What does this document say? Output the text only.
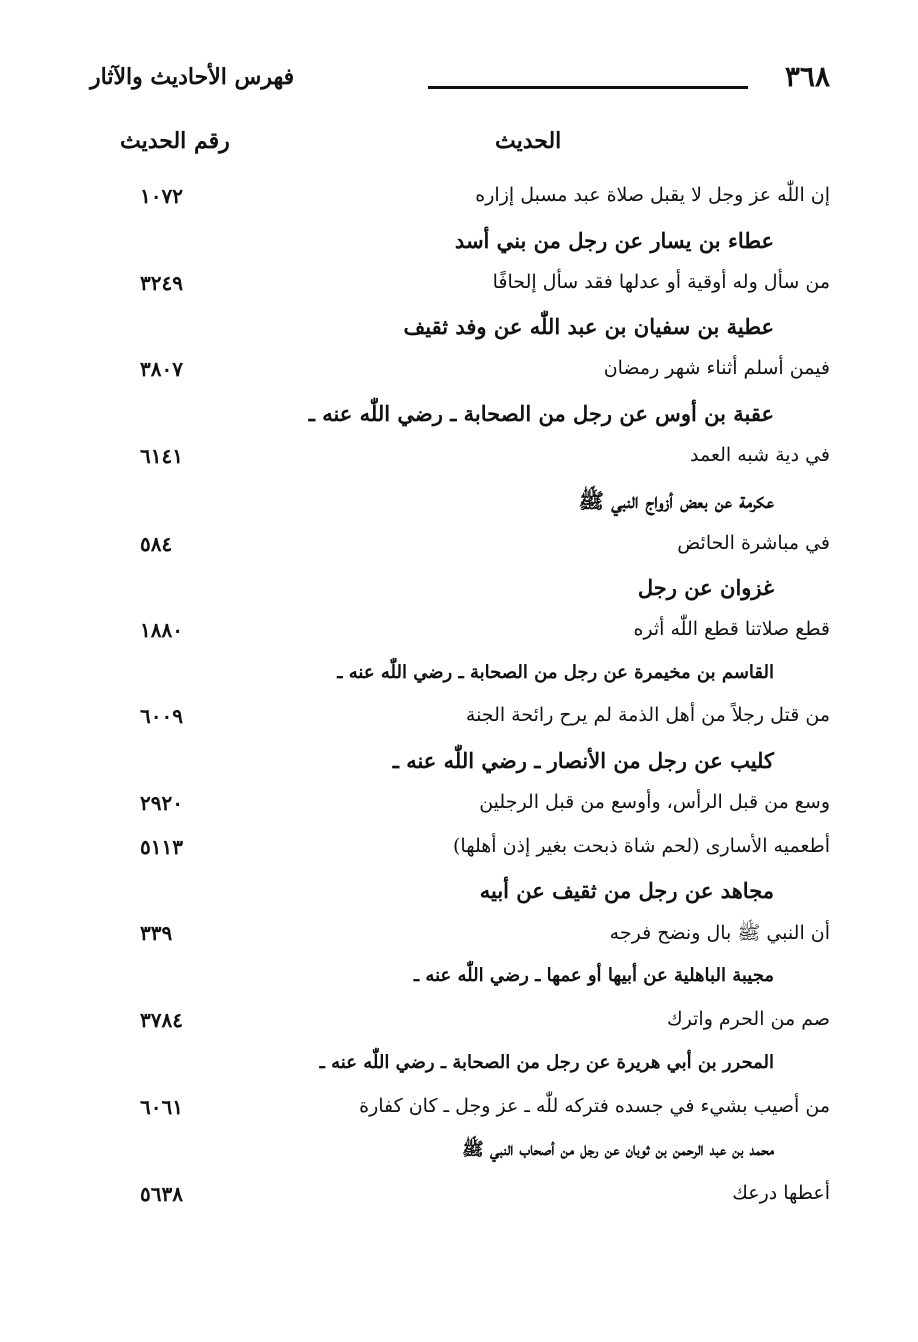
٣٦٨
فهرس الأحاديث والآثار
الحديث
رقم الحديث
إن اللّٰه عز وجل لا يقبل صلاة عبد مسبل إزاره
١٠٧٢
عطاء بن يسار عن رجل من بني أسد
من سأل وله أوقية أو عدلها فقد سأل إلحافًا
٣٢٤٩
عطية بن سفيان بن عبد اللّٰه عن وفد ثقيف
فيمن أسلم أثناء شهر رمضان
٣٨٠٧
عقبة بن أوس عن رجل من الصحابة ـ رضي اللّٰه عنه ـ
في دية شبه العمد
٦١٤١
عكرمة عن بعض أزواج النبي ﷺ
في مباشرة الحائض
٥٨٤
غزوان عن رجل
قطع صلاتنا قطع اللّٰه أثره
١٨٨٠
القاسم بن مخيمرة عن رجل من الصحابة ـ رضي اللّٰه عنه ـ
من قتل رجلاً من أهل الذمة لم يرح رائحة الجنة
٦٠٠٩
كليب عن رجل من الأنصار ـ رضي اللّٰه عنه ـ
وسع من قبل الرأس، وأوسع من قبل الرجلين
٢٩٢٠
أطعميه الأسارى (لحم شاة ذبحت بغير إذن أهلها)
٥١١٣
مجاهد عن رجل من ثقيف عن أبيه
أن النبي ﷺ بال ونضح فرجه
٣٣٩
مجيبة الباهلية عن أبيها أو عمها ـ رضي اللّٰه عنه ـ
صم من الحرم واترك
٣٧٨٤
المحرر بن أبي هريرة عن رجل من الصحابة ـ رضي اللّٰه عنه ـ
من أصيب بشيء في جسده فتركه للّٰه ـ عز وجل ـ كان كفارة
٦٠٦١
محمد بن عبد الرحمن بن ثوبان عن رجل من أصحاب النبي ﷺ
أعطها درعك
٥٦٣٨
